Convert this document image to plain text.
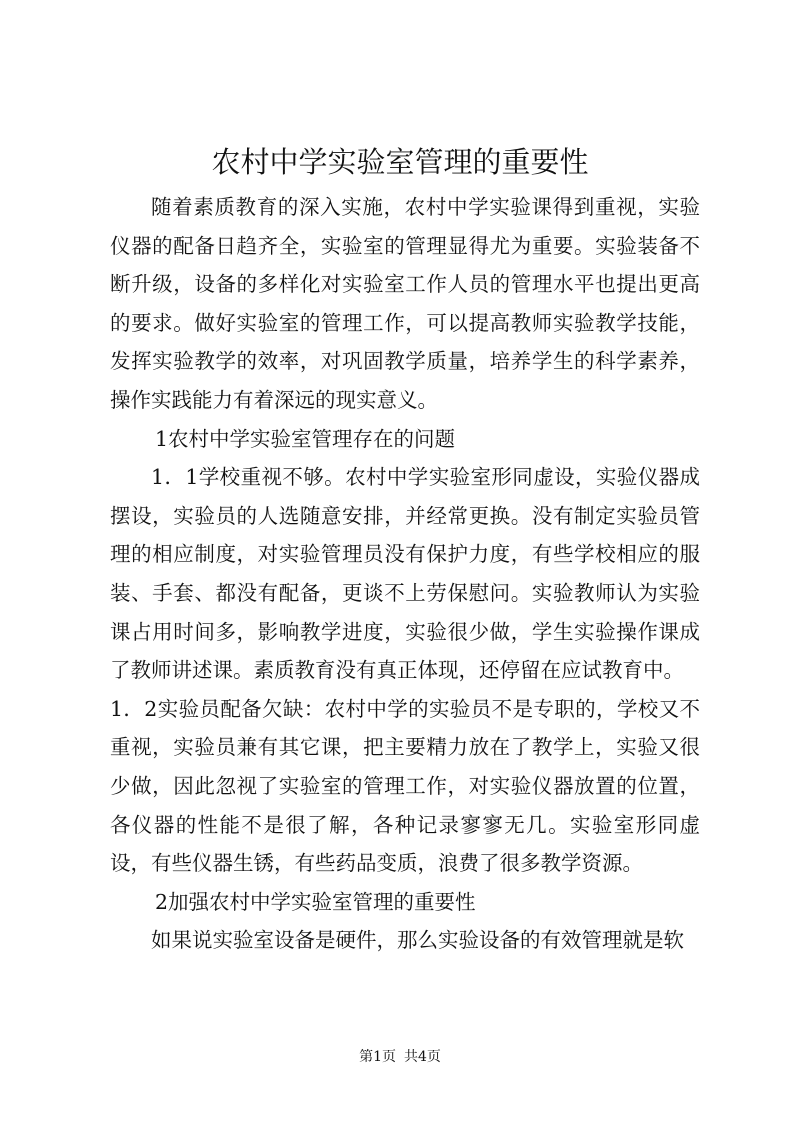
农村中学实验室管理的重要性

随着素质教育的深入实施，农村中学实验课得到重视，实验仪器的配备日趋齐全，实验室的管理显得尤为重要。实验装备不断升级，设备的多样化对实验室工作人员的管理水平也提出更高的要求。做好实验室的管理工作，可以提高教师实验教学技能，发挥实验教学的效率，对巩固教学质量，培养学生的科学素养，操作实践能力有着深远的现实意义。

1农村中学实验室管理存在的问题

1．1学校重视不够。农村中学实验室形同虚设，实验仪器成摆设，实验员的人选随意安排，并经常更换。没有制定实验员管理的相应制度，对实验管理员没有保护力度，有些学校相应的服装、手套、都没有配备，更谈不上劳保慰问。实验教师认为实验课占用时间多，影响教学进度，实验很少做，学生实验操作课成了教师讲述课。素质教育没有真正体现，还停留在应试教育中。

1．2实验员配备欠缺：农村中学的实验员不是专职的，学校又不重视，实验员兼有其它课，把主要精力放在了教学上，实验又很少做，因此忽视了实验室的管理工作，对实验仪器放置的位置，各仪器的性能不是很了解，各种记录寥寥无几。实验室形同虚设，有些仪器生锈，有些药品变质，浪费了很多教学资源。

2加强农村中学实验室管理的重要性

如果说实验室设备是硬件，那么实验设备的有效管理就是软

第1页 共4页
